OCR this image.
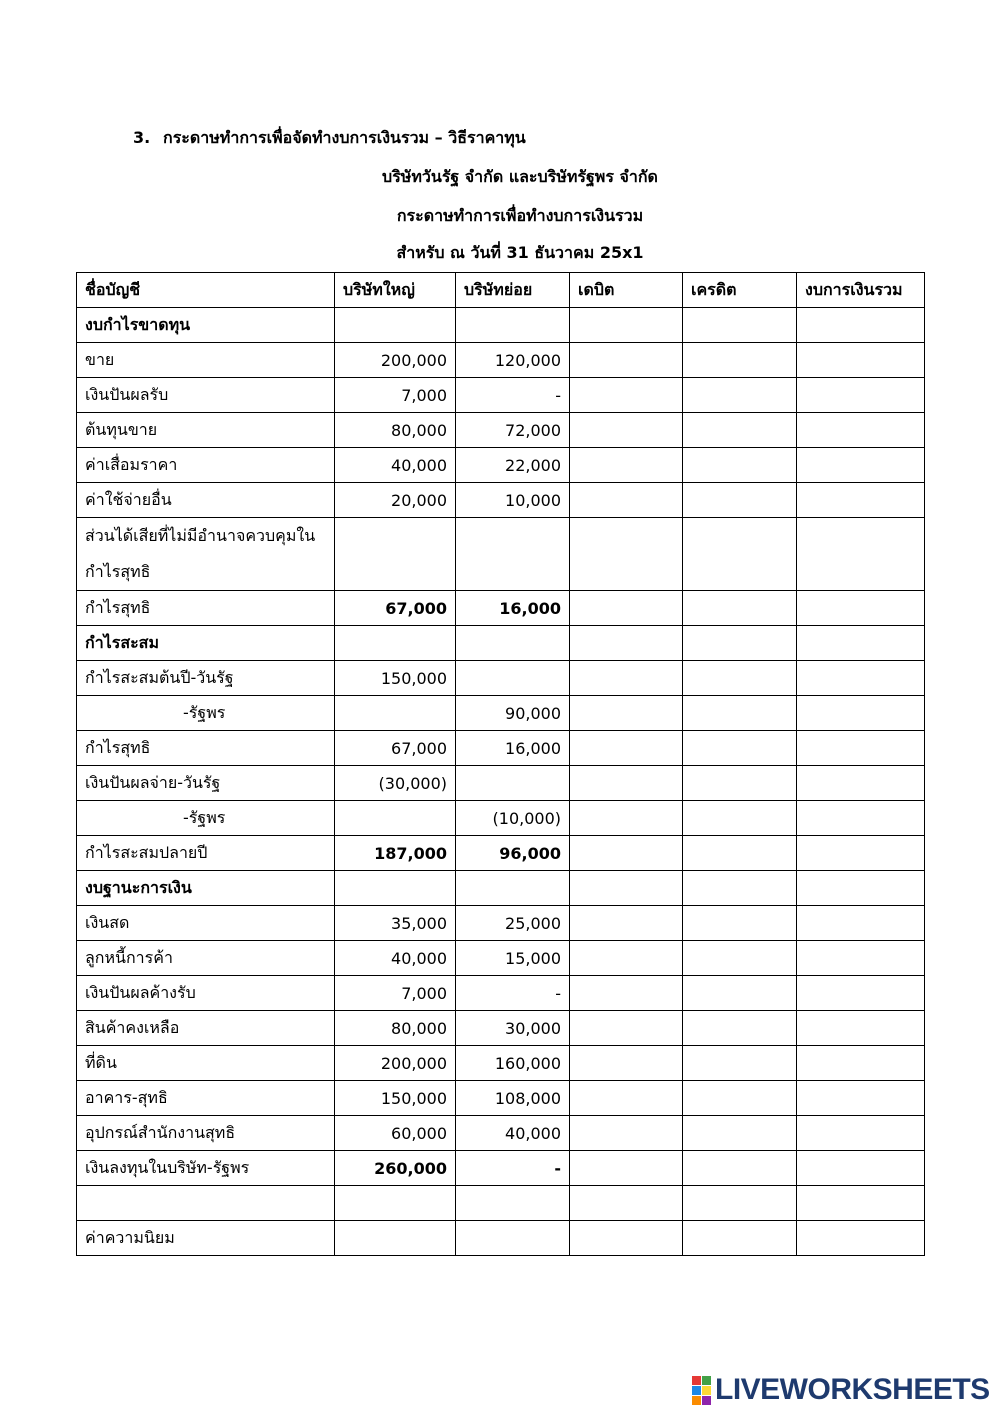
3. กระดาษทำการเพื่อจัดทำงบการเงินรวม – วิธีราคาทุน
บริษัทวันรัฐ จำกัด และบริษัทรัฐพร จำกัด
กระดาษทำการเพื่อทำงบการเงินรวม
สำหรับ ณ วันที่ 31 ธันวาคม 25x1
ชื่อบัญชี	บริษัทใหญ่	บริษัทย่อย	เดบิต	เครดิต	งบการเงินรวม
งบกำไรขาดทุน					
ขาย	200,000	120,000			
เงินปันผลรับ	7,000	-			
ต้นทุนขาย	80,000	72,000			
ค่าเสื่อมราคา	40,000	22,000			
ค่าใช้จ่ายอื่น	20,000	10,000			
ส่วนได้เสียที่ไม่มีอำนาจควบคุมในกำไรสุทธิ					
กำไรสุทธิ	67,000	16,000			
กำไรสะสม					
กำไรสะสมต้นปี-วันรัฐ	150,000				
-รัฐพร		90,000			
กำไรสุทธิ	67,000	16,000			
เงินปันผลจ่าย-วันรัฐ	(30,000)				
-รัฐพร		(10,000)			
กำไรสะสมปลายปี	187,000	96,000			
งบฐานะการเงิน					
เงินสด	35,000	25,000			
ลูกหนี้การค้า	40,000	15,000			
เงินปันผลค้างรับ	7,000	-			
สินค้าคงเหลือ	80,000	30,000			
ที่ดิน	200,000	160,000			
อาคาร-สุทธิ	150,000	108,000			
อุปกรณ์สำนักงานสุทธิ	60,000	40,000			
เงินลงทุนในบริษัท-รัฐพร	260,000	-			

ค่าความนิยม					
LIVEWORKSHEETS
